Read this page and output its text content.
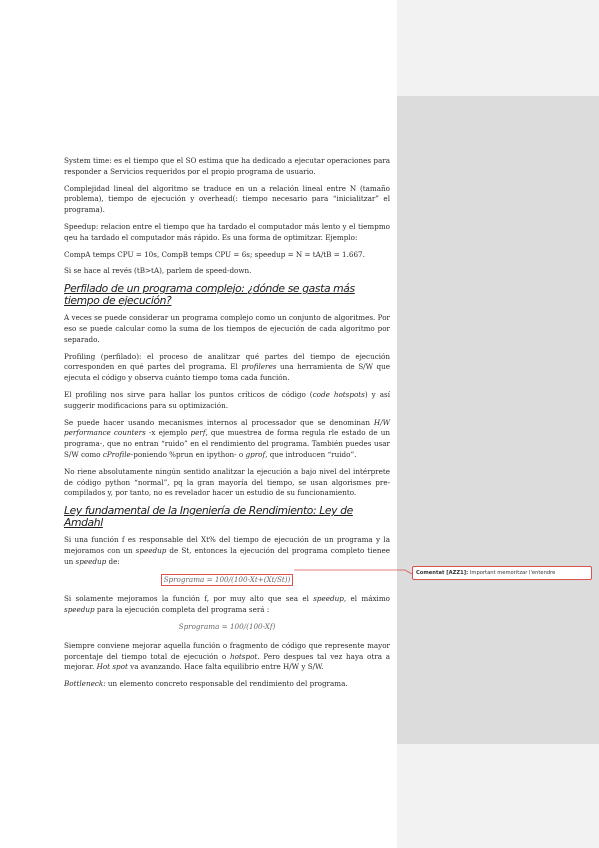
Comentat [AZZ1]: Important memoritzar l'entendre

System time: es el tiempo que el SO estima que ha dedicado a ejecutar operaciones para responder a Servicios requeridos por el propio programa de usuario.

Complejidad lineal del algoritmo se traduce en un a relación lineal entre N (tamaño problema), tiempo de ejecución y overhead(: tiempo necesario para “inicialitzar” el programa).

Speedup: relacion entre el tiempo que ha tardado el computador más lento y el tiempmo qeu ha tardado el computador más rápido. Es una forma de optimitzar. Ejemplo:

CompA temps CPU = 10s, CompB temps CPU = 6s; speedup = N = tA/tB = 1.667.

Si se hace al revés (tB>tA), parlem de speed-down.

Perfilado de un programa complejo: ¿dónde se gasta más tiempo de ejecución?

A veces se puede considerar un programa complejo como un conjunto de algoritmes. Por eso se puede calcular como la suma de los tiempos de ejecución de cada algoritmo por separado.

Profiling (perfilado): el proceso de analitzar qué partes del tiempo de ejecución corresponden en qué partes del programa. El profileres una herramienta de S/W que ejecuta el código y observa cuánto tiempo toma cada función.

El profiling nos sirve para hallar los puntos críticos de código (code hotspots) y así suggerir modificacions para su optimización.

Se puede hacer usando mecanismes internos al processador que se denominan H/W performance counters -x ejemplo perf, que muestrea de forma regula rle estado de un programa-, que no entran “ruido” en el rendimiento del programa. También puedes usar S/W como cProfile-poniendo %prun en ipython- o gprof, que introducen “ruido”.

No riene absolutamente ningún sentido analitzar la ejecución a bajo nivel del intérprete de código python “normal”, pq la gran mayoría del tiempo, se usan algorismes pre-compilados y, por tanto, no es revelador hacer un estudio de su funcionamiento.

Ley fundamental de la Ingeniería de Rendimiento: Ley de Amdahl

Si una función f es responsable del Xt% del tiempo de ejecución de un programa y la mejoramos con un speedup de St, entonces la ejecución del programa completo tienee un speedup de:

Sprograma = 100/(100-Xt+(Xt/St))

Si solamente mejoramos la función f, por muy alto que sea el speedup, el máximo speedup para la ejecución completa del programa será :

Sprograma = 100/(100-Xf)

Siempre conviene mejorar aquella función o fragmento de código que represente mayor porcentaje del tiempo total de ejecución o hotspot. Pero despues tal vez haya otra a mejorar. Hot spot va avanzando. Hace falta equilibrio entre H/W y S/W.

Bottleneck: un elemento concreto responsable del rendimiento del programa.
